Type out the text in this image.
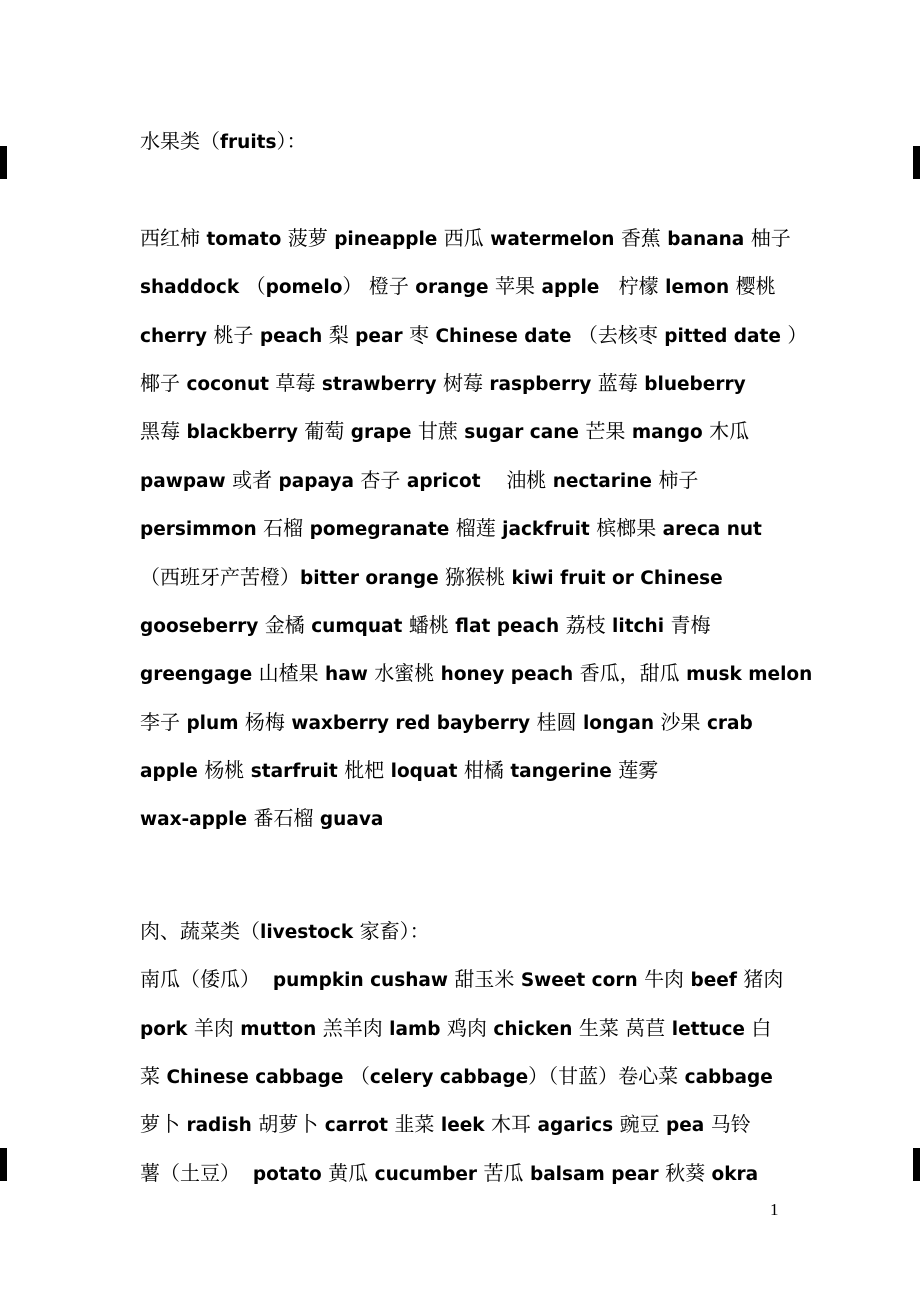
水果类（fruits）：
西红柿 tomato 菠萝 pineapple 西瓜 watermelon 香蕉 banana 柚子
shaddock （pomelo） 橙子 orange 苹果 apple   柠檬 lemon 樱桃
cherry 桃子 peach 梨 pear 枣 Chinese date （去核枣 pitted date ）
椰子 coconut 草莓 strawberry 树莓 raspberry 蓝莓 blueberry
黑莓 blackberry 葡萄 grape 甘蔗 sugar cane 芒果 mango 木瓜
pawpaw 或者 papaya 杏子 apricot    油桃 nectarine 柿子
persimmon 石榴 pomegranate 榴莲 jackfruit 槟榔果 areca nut
（西班牙产苦橙）bitter orange 猕猴桃 kiwi fruit or Chinese
gooseberry 金橘 cumquat 蟠桃 flat peach 荔枝 litchi 青梅
greengage 山楂果 haw 水蜜桃 honey peach 香瓜，甜瓜 musk melon
李子 plum 杨梅 waxberry red bayberry 桂圆 longan 沙果 crab
apple 杨桃 starfruit 枇杷 loquat 柑橘 tangerine 莲雾
wax-apple 番石榴 guava
肉、蔬菜类（livestock 家畜）：
南瓜（倭瓜）  pumpkin cushaw 甜玉米 Sweet corn 牛肉 beef 猪肉
pork 羊肉 mutton 羔羊肉 lamb 鸡肉 chicken 生菜 莴苣 lettuce 白
菜 Chinese cabbage （celery cabbage）（甘蓝）卷心菜 cabbage
萝卜 radish 胡萝卜 carrot 韭菜 leek 木耳 agarics 豌豆 pea 马铃
薯（土豆）  potato 黄瓜 cucumber 苦瓜 balsam pear 秋葵 okra
1
